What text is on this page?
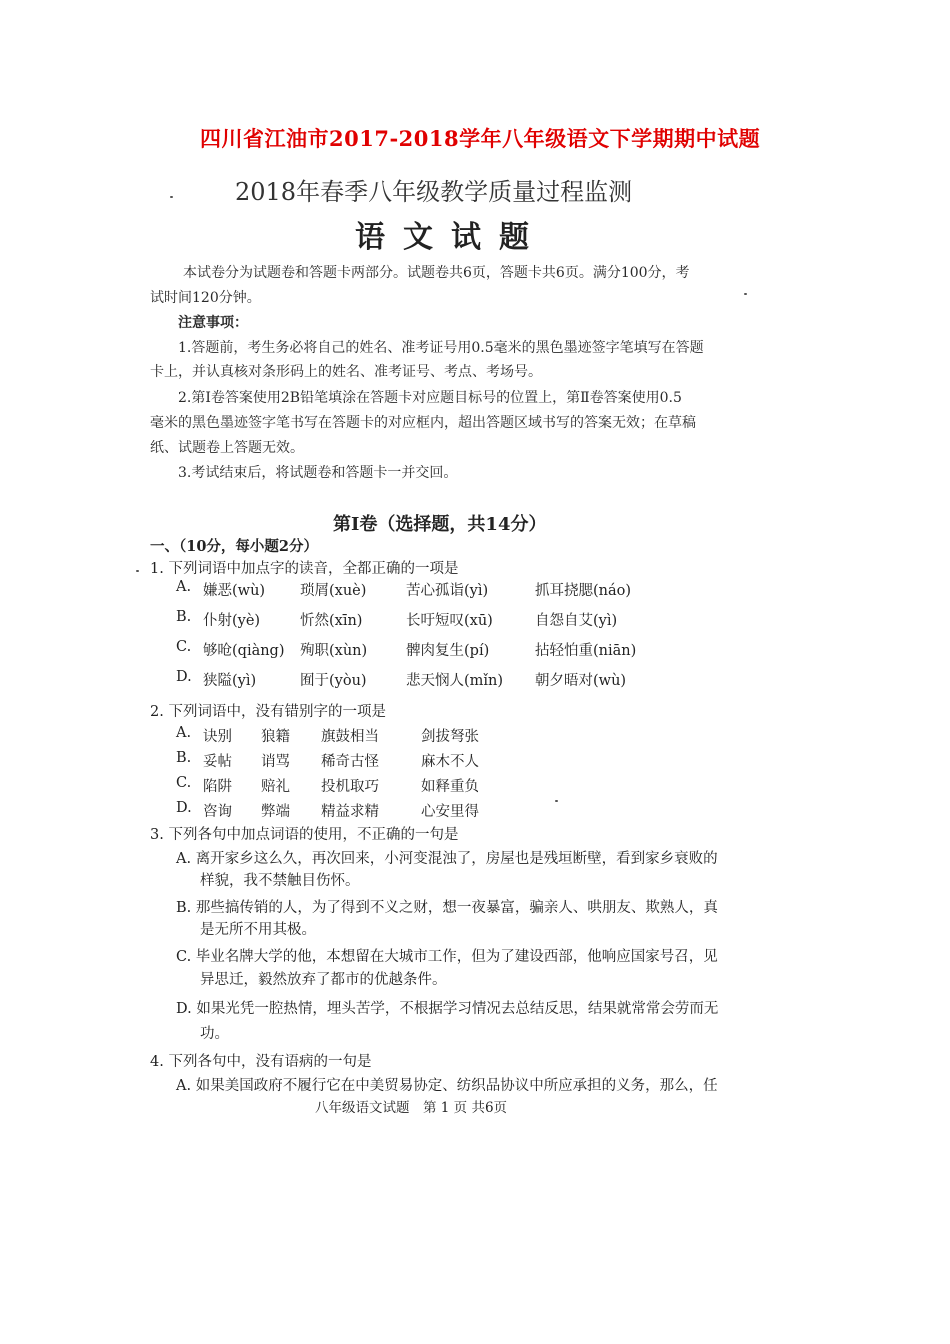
四川省江油市2017-2018学年八年级语文下学期期中试题
2018年春季八年级教学质量过程监测
语文试题
本试卷分为试题卷和答题卡两部分。试题卷共6页，答题卡共6页。满分100分，考
试时间120分钟。
注意事项：
1.答题前，考生务必将自己的姓名、准考证号用0.5毫米的黑色墨迹签字笔填写在答题
卡上，并认真核对条形码上的姓名、准考证号、考点、考场号。
2.第Ⅰ卷答案使用2B铅笔填涂在答题卡对应题目标号的位置上，第Ⅱ卷答案使用0.5
毫米的黑色墨迹签字笔书写在答题卡的对应框内，超出答题区域书写的答案无效；在草稿
纸、试题卷上答题无效。
3.考试结束后，将试题卷和答题卡一并交回。
第Ⅰ卷（选择题，共14分）
一、（10分，每小题2分）
1. 下列词语中加点字的读音，全都正确的一项是
A. 嫌恶(wù) 琐屑(xuè)	苦心孤诣(yì)	抓耳挠腮(náo)
B. 仆射(yè)	忻然(xīn)	长吁短叹(xū)	自怨自艾(yì)
C. 够呛(qiàng) 殉职(xùn)	髀肉复生(pí)	拈轻怕重(niān)
D. 狭隘(yì)	囿于(yòu)	悲天悯人(mǐn) 朝夕晤对(wù)
2. 下列词语中，没有错别字的一项是
A. 诀别 狼籍 旗鼓相当	剑拔弩张
B. 妥帖 诮骂 稀奇古怪	麻木不人
C. 陷阱 赔礼 投机取巧	如释重负
D. 咨询 弊端 精益求精	心安里得
3. 下列各句中加点词语的使用，不正确的一句是
A. 离开家乡这么久，再次回来，小河变混浊了，房屋也是残垣断壁，看到家乡衰败的
样貌，我不禁触目伤怀。
B. 那些搞传销的人，为了得到不义之财，想一夜暴富，骗亲人、哄朋友、欺熟人，真
是无所不用其极。
C. 毕业名牌大学的他，本想留在大城市工作，但为了建设西部，他响应国家号召，见
异思迁，毅然放弃了都市的优越条件。
D. 如果光凭一腔热情，埋头苦学，不根据学习情况去总结反思，结果就常常会劳而无
功。
4. 下列各句中，没有语病的一句是
A. 如果美国政府不履行它在中美贸易协定、纺织品协议中所应承担的义务，那么，任
八年级语文试题　第 1 页 共6页
